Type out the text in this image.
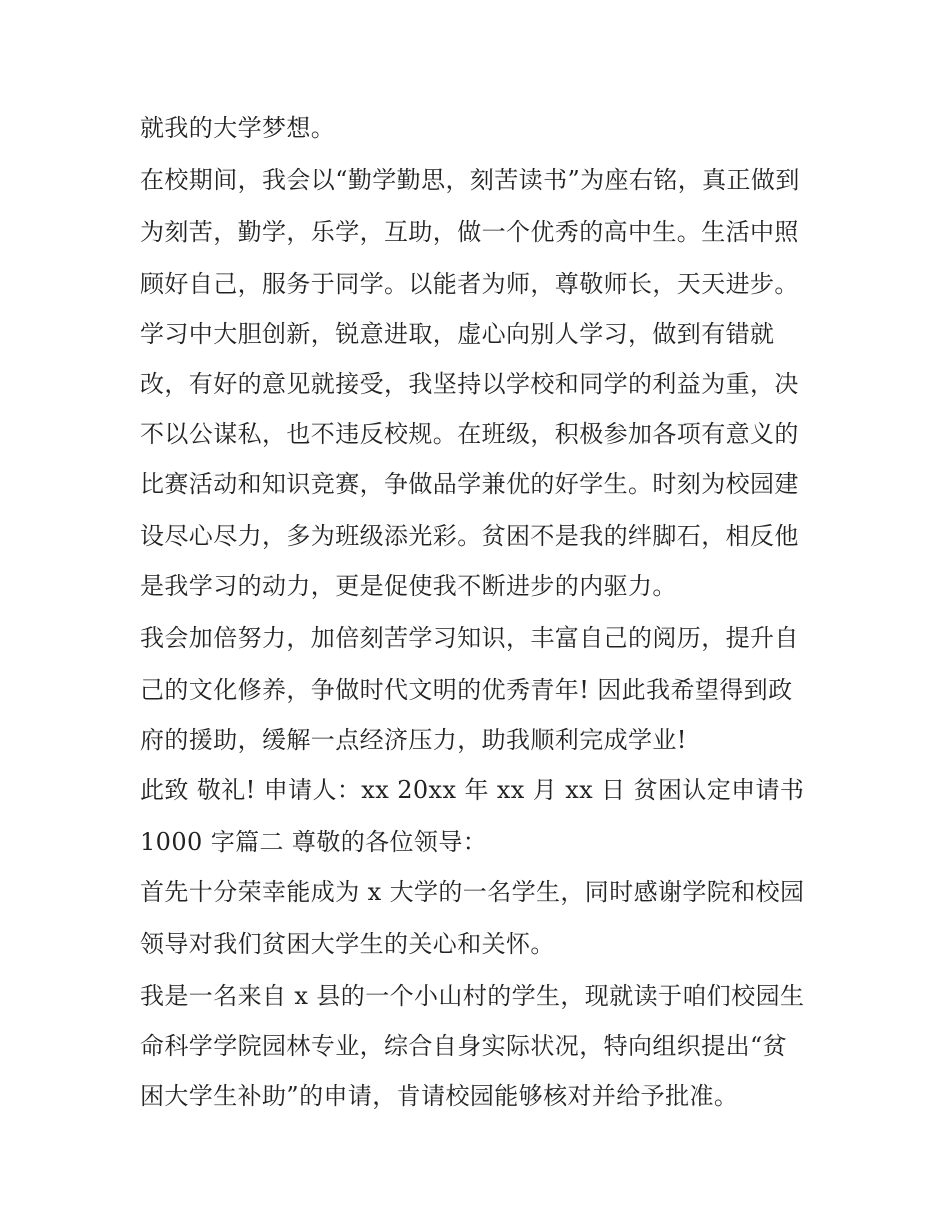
就我的大学梦想。
在校期间，我会以“勤学勤思，刻苦读书”为座右铭，真正做到
为刻苦，勤学，乐学，互助，做一个优秀的高中生。生活中照
顾好自己，服务于同学。以能者为师，尊敬师长，天天进步。
学习中大胆创新，锐意进取，虚心向别人学习，做到有错就
改，有好的意见就接受，我坚持以学校和同学的利益为重，决
不以公谋私，也不违反校规。在班级，积极参加各项有意义的
比赛活动和知识竞赛，争做品学兼优的好学生。时刻为校园建
设尽心尽力，多为班级添光彩。贫困不是我的绊脚石，相反他
是我学习的动力，更是促使我不断进步的内驱力。
我会加倍努力，加倍刻苦学习知识，丰富自己的阅历，提升自
己的文化修养，争做时代文明的优秀青年! 因此我希望得到政
府的援助，缓解一点经济压力，助我顺利完成学业!
此致 敬礼! 申请人：xx 20xx 年 xx 月 xx 日 贫困认定申请书
1000 字篇二 尊敬的各位领导：
首先十分荣幸能成为 x 大学的一名学生，同时感谢学院和校园
领导对我们贫困大学生的关心和关怀。
我是一名来自 x 县的一个小山村的学生，现就读于咱们校园生
命科学学院园林专业，综合自身实际状况，特向组织提出“贫
困大学生补助”的申请，肯请校园能够核对并给予批准。
